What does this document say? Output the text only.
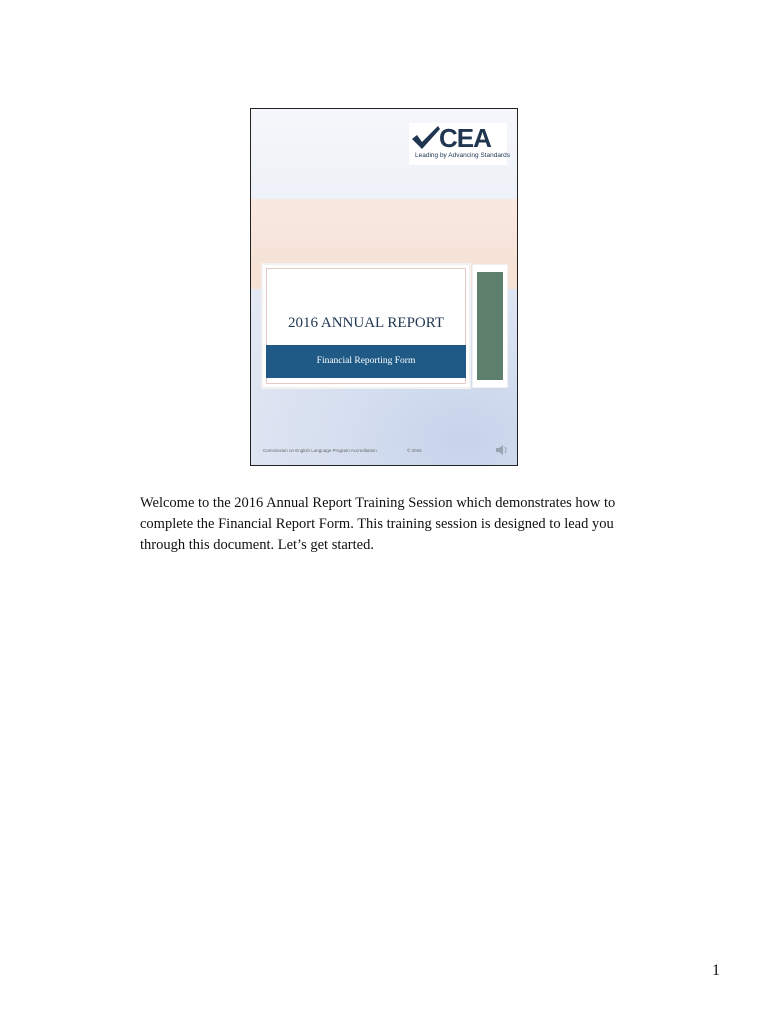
CEA
Leading by Advancing Standards
2016 ANNUAL REPORT
Financial Reporting Form
Commission on English Language Program Accreditation	© 2016

Welcome to the 2016 Annual Report Training Session which demonstrates how to complete the Financial Report Form. This training session is designed to lead you through this document. Let’s get started.

1
